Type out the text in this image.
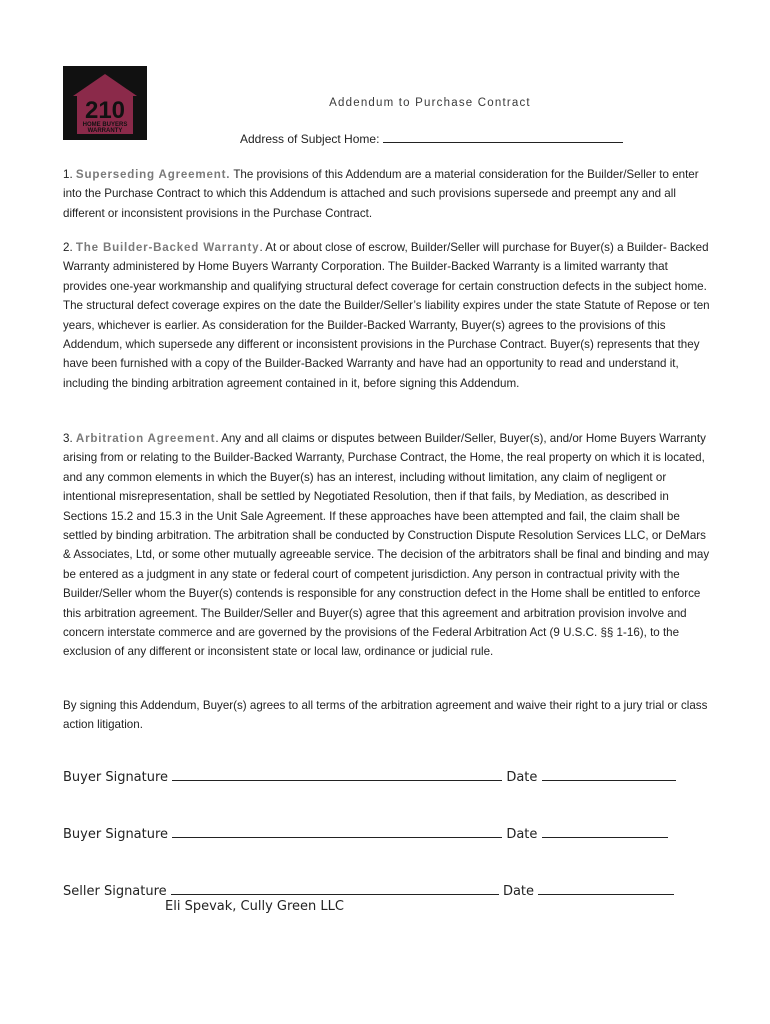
210
HOME BUYERS
WARRANTY
Addendum to Purchase Contract
Address of Subject Home:

1. Superseding Agreement. The provisions of this Addendum are a material consideration for the Builder/Seller to enter into the Purchase Contract to which this Addendum is attached and such provisions supersede and preempt any and all different or inconsistent provisions in the Purchase Contract.

2. The Builder-Backed Warranty. At or about close of escrow, Builder/Seller will purchase for Buyer(s) a Builder- Backed Warranty administered by Home Buyers Warranty Corporation. The Builder-Backed Warranty is a limited warranty that provides one-year workmanship and qualifying structural defect coverage for certain construction defects in the subject home. The structural defect coverage expires on the date the Builder/Seller’s liability expires under the state Statute of Repose or ten years, whichever is earlier. As consideration for the Builder-Backed Warranty, Buyer(s) agrees to the provisions of this Addendum, which supersede any different or inconsistent provisions in the Purchase Contract. Buyer(s) represents that they have been furnished with a copy of the Builder-Backed Warranty and have had an opportunity to read and understand it, including the binding arbitration agreement contained in it, before signing this Addendum.

3. Arbitration Agreement. Any and all claims or disputes between Builder/Seller, Buyer(s), and/or Home Buyers Warranty arising from or relating to the Builder-Backed Warranty, Purchase Contract, the Home, the real property on which it is located, and any common elements in which the Buyer(s) has an interest, including without limitation, any claim of negligent or intentional misrepresentation, shall be settled by Negotiated Resolution, then if that fails, by Mediation, as described in Sections 15.2 and 15.3 in the Unit Sale Agreement. If these approaches have been attempted and fail, the claim shall be settled by binding arbitration. The arbitration shall be conducted by Construction Dispute Resolution Services LLC, or DeMars & Associates, Ltd, or some other mutually agreeable service. The decision of the arbitrators shall be final and binding and may be entered as a judgment in any state or federal court of competent jurisdiction. Any person in contractual privity with the Builder/Seller whom the Buyer(s) contends is responsible for any construction defect in the Home shall be entitled to enforce this arbitration agreement. The Builder/Seller and Buyer(s) agree that this agreement and arbitration provision involve and concern interstate commerce and are governed by the provisions of the Federal Arbitration Act (9 U.S.C. §§ 1-16), to the exclusion of any different or inconsistent state or local law, ordinance or judicial rule.

By signing this Addendum, Buyer(s) agrees to all terms of the arbitration agreement and waive their right to a jury trial or class action litigation.

Buyer Signature	Date
Buyer Signature	Date
Seller Signature	Date
Eli Spevak, Cully Green LLC
